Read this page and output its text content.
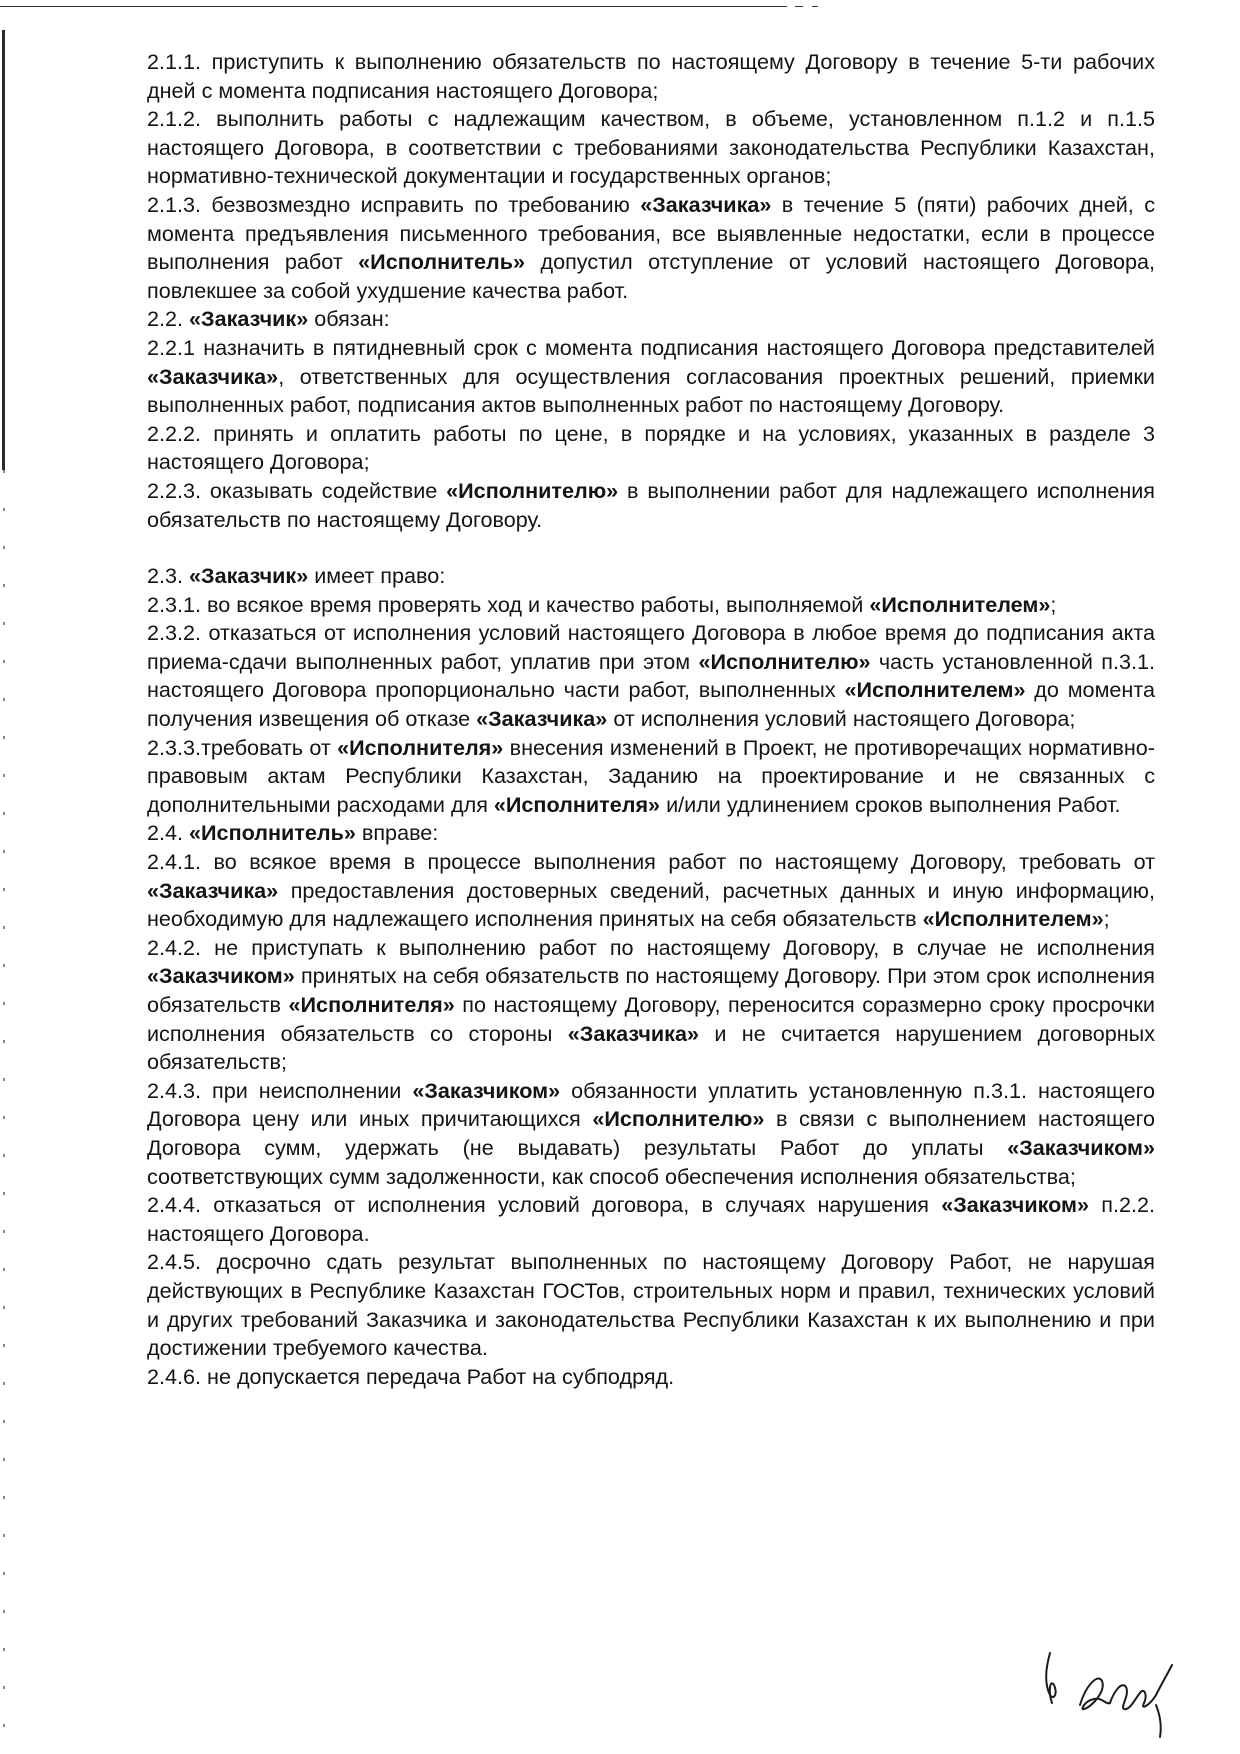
2.1.1. приступить к выполнению обязательств по настоящему Договору в течение 5-ти рабочих дней с момента подписания настоящего Договора;

2.1.2. выполнить работы с надлежащим качеством, в объеме, установленном п.1.2 и п.1.5 настоящего Договора, в соответствии с требованиями законодательства Республики Казахстан, нормативно-технической документации и государственных органов;

2.1.3. безвозмездно исправить по требованию «Заказчика» в течение 5 (пяти) рабочих дней, с момента предъявления письменного требования, все выявленные недостатки, если в процессе выполнения работ «Исполнитель» допустил отступление от условий настоящего Договора, повлекшее за собой ухудшение качества работ.

2.2. «Заказчик» обязан:

2.2.1 назначить в пятидневный срок с момента подписания настоящего Договора представителей «Заказчика», ответственных для осуществления согласования проектных решений, приемки выполненных работ, подписания актов выполненных работ по настоящему Договору.

2.2.2. принять и оплатить работы по цене, в порядке и на условиях, указанных в разделе 3 настоящего Договора;

2.2.3. оказывать содействие «Исполнителю» в выполнении работ для надлежащего исполнения обязательств по настоящему Договору.

2.3. «Заказчик» имеет право:

2.3.1. во всякое время проверять ход и качество работы, выполняемой «Исполнителем»;

2.3.2. отказаться от исполнения условий настоящего Договора в любое время до подписания акта приема-сдачи выполненных работ, уплатив при этом «Исполнителю» часть установленной п.3.1. настоящего Договора пропорционально части работ, выполненных «Исполнителем» до момента получения извещения об отказе «Заказчика» от исполнения условий настоящего Договора;

2.3.3.требовать от «Исполнителя» внесения изменений в Проект, не противоречащих нормативно-правовым актам Республики Казахстан, Заданию на проектирование и не связанных с дополнительными расходами для «Исполнителя» и/или удлинением сроков выполнения Работ.

2.4. «Исполнитель» вправе:

2.4.1. во всякое время в процессе выполнения работ по настоящему Договору, требовать от «Заказчика» предоставления достоверных сведений, расчетных данных и иную информацию, необходимую для надлежащего исполнения принятых на себя обязательств «Исполнителем»;

2.4.2. не приступать к выполнению работ по настоящему Договору, в случае не исполнения «Заказчиком» принятых на себя обязательств по настоящему Договору. При этом срок исполнения обязательств «Исполнителя» по настоящему Договору, переносится соразмерно сроку просрочки исполнения обязательств со стороны «Заказчика» и не считается нарушением договорных обязательств;

2.4.3. при неисполнении «Заказчиком» обязанности уплатить установленную п.3.1. настоящего Договора цену или иных причитающихся «Исполнителю» в связи с выполнением настоящего Договора сумм, удержать (не выдавать) результаты Работ до уплаты «Заказчиком» соответствующих сумм задолженности, как способ обеспечения исполнения обязательства;

2.4.4. отказаться от исполнения условий договора, в случаях нарушения «Заказчиком» п.2.2. настоящего Договора.

2.4.5. досрочно сдать результат выполненных по настоящему Договору Работ, не нарушая действующих в Республике Казахстан ГОСТов, строительных норм и правил, технических условий и других требований Заказчика и законодательства Республики Казахстан к их выполнению и при достижении требуемого качества.

2.4.6. не допускается передача Работ на субподряд.
